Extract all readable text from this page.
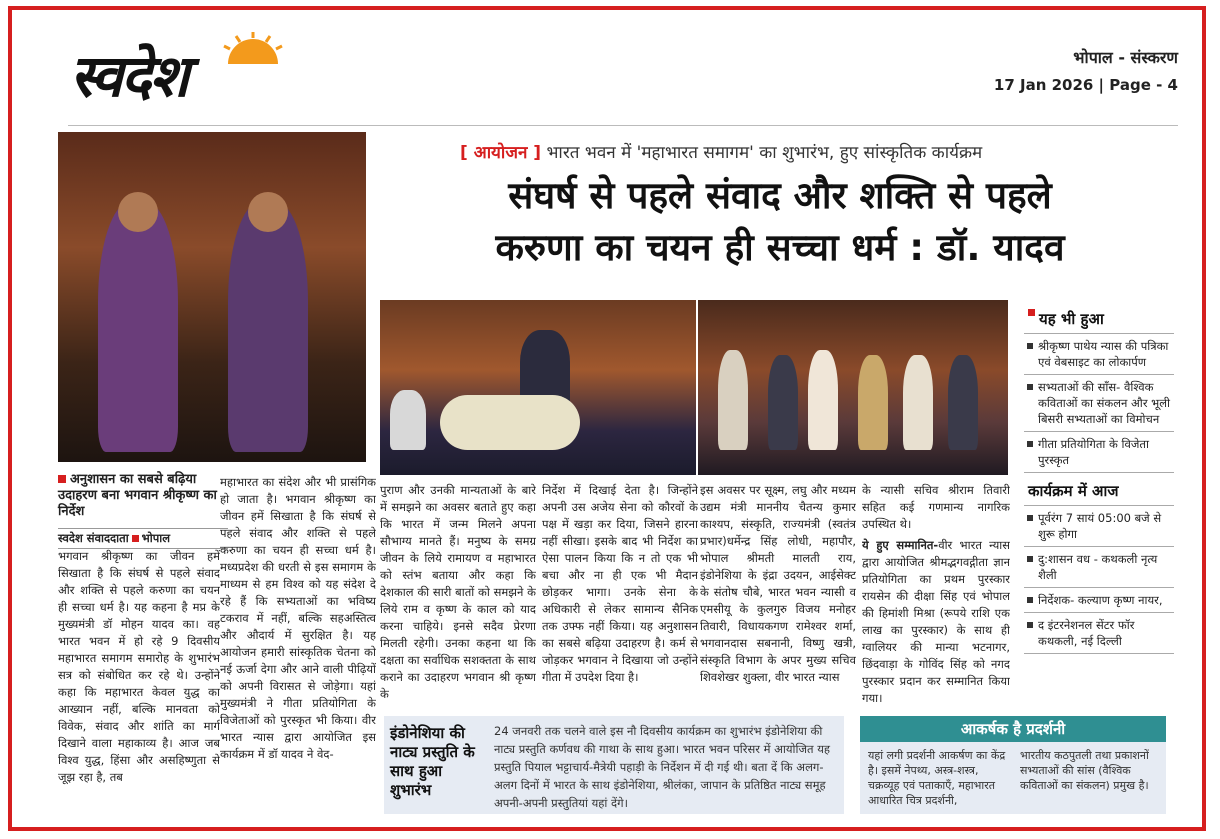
स्वदेश	भोपाल - संस्करण
17 Jan 2026 | Page - 4
[ आयोजन ] भारत भवन में 'महाभारत समागम' का शुभारंभ, हुए सांस्कृतिक कार्यक्रम
संघर्ष से पहले संवाद और शक्ति से पहले
करुणा का चयन ही सच्चा धर्म : डॉ. यादव
अनुशासन का सबसे बढ़िया उदाहरण बना भगवान श्रीकृष्ण का निर्देश
स्वदेश संवाददाता भोपाल
भगवान श्रीकृष्ण का जीवन हमें सिखाता है कि संघर्ष से पहले संवाद और शक्ति से पहले करुणा का चयन ही सच्चा धर्म है। यह कहना है मप्र के मुख्यमंत्री डॉ मोहन यादव का। वह भारत भवन में हो रहे 9 दिवसीय महाभारत समागम समारोह के शुभारंभ सत्र को संबोधित कर रहे थे। उन्होंने कहा कि महाभारत केवल युद्ध का आख्यान नहीं, बल्कि मानवता को विवेक, संवाद और शांति का मार्ग दिखाने वाला महाकाव्य है। आज जब विश्व युद्ध, हिंसा और असहिष्णुता से जूझ रहा है, तब
महाभारत का संदेश और भी प्रासंगिक हो जाता है। भगवान श्रीकृष्ण का जीवन हमें सिखाता है कि संघर्ष से पहले संवाद और शक्ति से पहले करुणा का चयन ही सच्चा धर्म है। मध्यप्रदेश की धरती से इस समागम के माध्यम से हम विश्व को यह संदेश दे रहे हैं कि सभ्यताओं का भविष्य टकराव में नहीं, बल्कि सहअस्तित्व और औदार्य में सुरक्षित है। यह आयोजन हमारी सांस्कृतिक चेतना को नई ऊर्जा देगा और आने वाली पीढ़ियों को अपनी विरासत से जोड़ेगा। यहां मुख्यमंत्री ने गीता प्रतियोगिता के विजेताओं को पुरस्कृत भी किया। वीर भारत न्यास द्वारा आयोजित इस कार्यक्रम में डॉ यादव ने वेद-
पुराण और उनकी मान्यताओं के बारे में समझने का अवसर बताते हुए कहा कि भारत में जन्म मिलने अपना सौभाग्य मानते हैं। मनुष्य के समग्र जीवन के लिये रामायण व महाभारत को स्तंभ बताया और कहा कि देशकाल की सारी बातों को समझने के लिये राम व कृष्ण के काल को याद करना चाहिये। इनसे सदैव प्रेरणा मिलती रहेगी। उनका कहना था कि दक्षता का सर्वाधिक सशक्तता के साथ कराने का उदाहरण भगवान श्री कृष्ण के
निर्देश में दिखाई देता है। जिन्होंने अपनी उस अजेय सेना को कौरवों के पक्ष में खड़ा कर दिया, जिसने हारना नहीं सीखा। इसके बाद भी निर्देश का ऐसा पालन किया कि न तो एक भी बचा और ना ही एक भी मैदान छोड़कर भागा। उनके सेना के अधिकारी से लेकर सामान्य सैनिक तक उफ्फ नहीं किया। यह अनुशासन का सबसे बढ़िया उदाहरण है। कर्म से जोड़कर भगवान ने दिखाया जो उन्होंने गीता में उपदेश दिया है।
इस अवसर पर सूक्ष्म, लघु और मध्यम उद्यम मंत्री माननीय चैतन्य कुमार काश्यप, संस्कृति, राज्यमंत्री (स्वतंत्र प्रभार)धर्मेन्द्र सिंह लोधी, महापौर, भोपाल श्रीमती मालती राय, इंडोनेशिया के इंद्रा उदयन, आईसेक्ट के संतोष चौबे, भारत भवन न्यासी व एमसीयू के कुलगुरु विजय मनोहर तिवारी, विधायकगण रामेश्वर शर्मा, भगवानदास सबनानी, विष्णु खत्री, संस्कृति विभाग के अपर मुख्य सचिव शिवशेखर शुक्ला, वीर भारत न्यास
के न्यासी सचिव श्रीराम तिवारी सहित कई गणमान्य नागरिक उपस्थित थे।
ये हुए सम्मानित-वीर भारत न्यास द्वारा आयोजित श्रीमद्भगवद्गीता ज्ञान प्रतियोगिता का प्रथम पुरस्कार रायसेन की दीक्षा सिंह एवं भोपाल की हिमांशी मिश्रा (रूपये राशि एक लाख का पुरस्कार) के साथ ही ग्वालियर की मान्या भटनागर, छिंदवाड़ा के गोविंद सिंह को नगद पुरस्कार प्रदान कर सम्मानित किया गया।
इंडोनेशिया की नाट्य प्रस्तुति के साथ हुआ शुभारंभ
24 जनवरी तक चलने वाले इस नौ दिवसीय कार्यक्रम का शुभारंभ इंडोनेशिया की नाट्य प्रस्तुति कर्णवध की गाथा के साथ हुआ। भारत भवन परिसर में आयोजित यह प्रस्तुति पियाल भट्टाचार्य-मैत्रेयी पहाड़ी के निर्देशन में दी गई थी। बता दें कि अलग-अलग दिनों में भारत के साथ इंडोनेशिया, श्रीलंका, जापान के प्रतिष्ठित नाट्य समूह अपनी-अपनी प्रस्तुतियां यहां देंगे।
आकर्षक है प्रदर्शनी
यहां लगी प्रदर्शनी आकर्षण का केंद्र है। इसमें नेपथ्य, अस्त्र-शस्त्र, चक्रव्यूह एवं पताकाएँ, महाभारत आधारित चित्र प्रदर्शनी,
भारतीय कठपुतली तथा प्रकाशनों सभ्यताओं की सांस (वैश्विक कविताओं का संकलन) प्रमुख है।
यह भी हुआ
श्रीकृष्ण पाथेय न्यास की पत्रिका एवं वेबसाइट का लोकार्पण
सभ्यताओं की साँस- वैश्विक कविताओं का संकलन और भूली बिसरी सभ्यताओं का विमोचन
गीता प्रतियोगिता के विजेता पुरस्कृत
कार्यक्रम में आज
पूर्वरंग 7 सायं 05:00 बजे से शुरू होगा
दु:शासन वध - कथकली नृत्य शैली
निर्देशक- कल्याण कृष्ण नायर,
द इंटरनेशनल सेंटर फॉर कथकली, नई दिल्ली
